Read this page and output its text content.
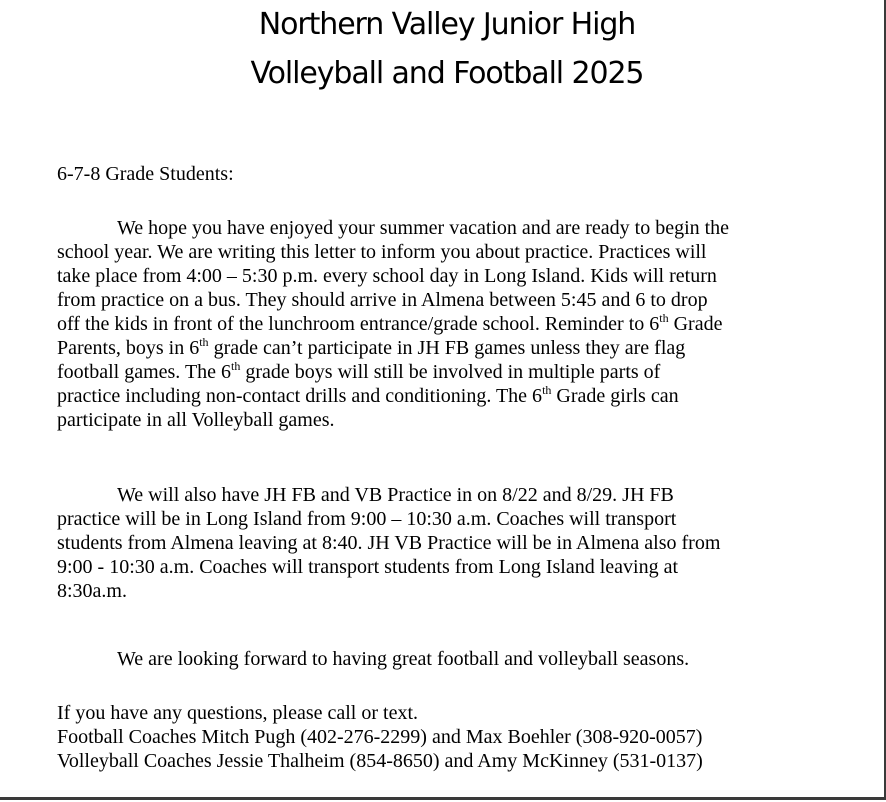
Northern Valley Junior High
Volleyball and Football 2025

6-7-8 Grade Students:

We hope you have enjoyed your summer vacation and are ready to begin the
school year. We are writing this letter to inform you about practice. Practices will
take place from 4:00 – 5:30 p.m. every school day in Long Island. Kids will return
from practice on a bus. They should arrive in Almena between 5:45 and 6 to drop
off the kids in front of the lunchroom entrance/grade school. Reminder to 6th Grade
Parents, boys in 6th grade can’t participate in JH FB games unless they are flag
football games. The 6th grade boys will still be involved in multiple parts of
practice including non-contact drills and conditioning. The 6th Grade girls can
participate in all Volleyball games.
We will also have JH FB and VB Practice in on 8/22 and 8/29. JH FB
practice will be in Long Island from 9:00 – 10:30 a.m. Coaches will transport
students from Almena leaving at 8:40. JH VB Practice will be in Almena also from
9:00 - 10:30 a.m. Coaches will transport students from Long Island leaving at
8:30a.m.
We are looking forward to having great football and volleyball seasons.
If you have any questions, please call or text.
Football Coaches Mitch Pugh (402-276-2299) and Max Boehler (308-920-0057)
Volleyball Coaches Jessie Thalheim (854-8650) and Amy McKinney (531-0137)
